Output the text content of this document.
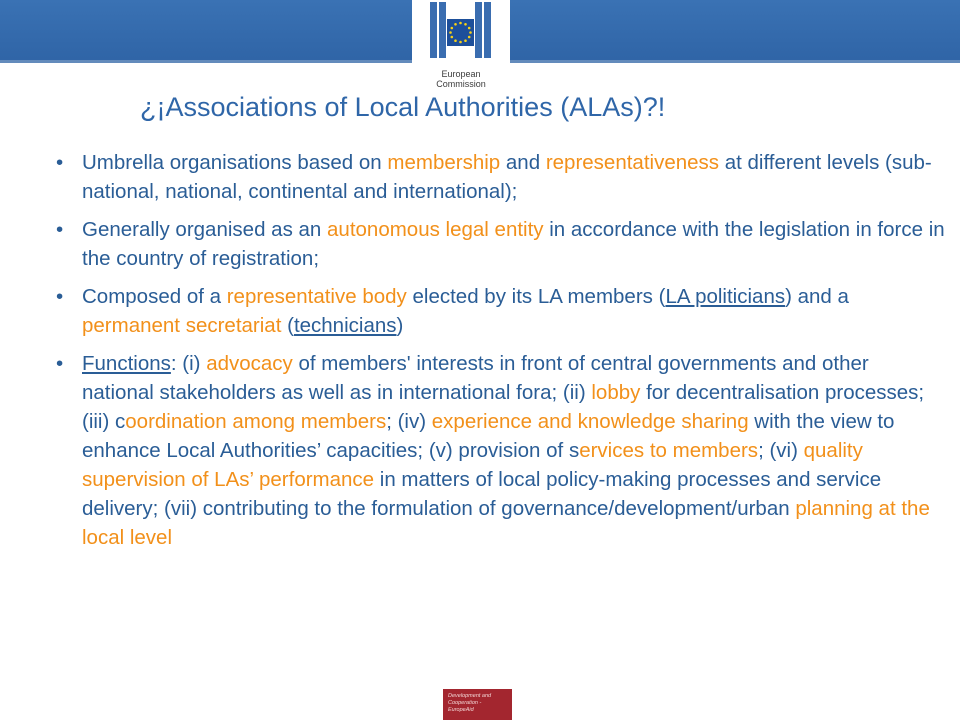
European
Commission
¿¡Associations of Local Authorities (ALAs)?!
• Umbrella organisations based on membership and representativeness at different levels (sub-national, national, continental and international);
• Generally organised as an autonomous legal entity in accordance with the legislation in force in the country of registration;
• Composed of a representative body elected by its LA members (LA politicians) and a permanent secretariat (technicians)
• Functions: (i) advocacy of members' interests in front of central governments and other national stakeholders as well as in international fora; (ii) lobby for decentralisation processes; (iii) coordination among members; (iv) experience and knowledge sharing with the view to enhance Local Authorities’ capacities; (v) provision of services to members; (vi) quality supervision of LAs’ performance in matters of local policy-making processes and service delivery; (vii) contributing to the formulation of governance/development/urban planning at the local level
Development and
Cooperation -
EuropeAid
